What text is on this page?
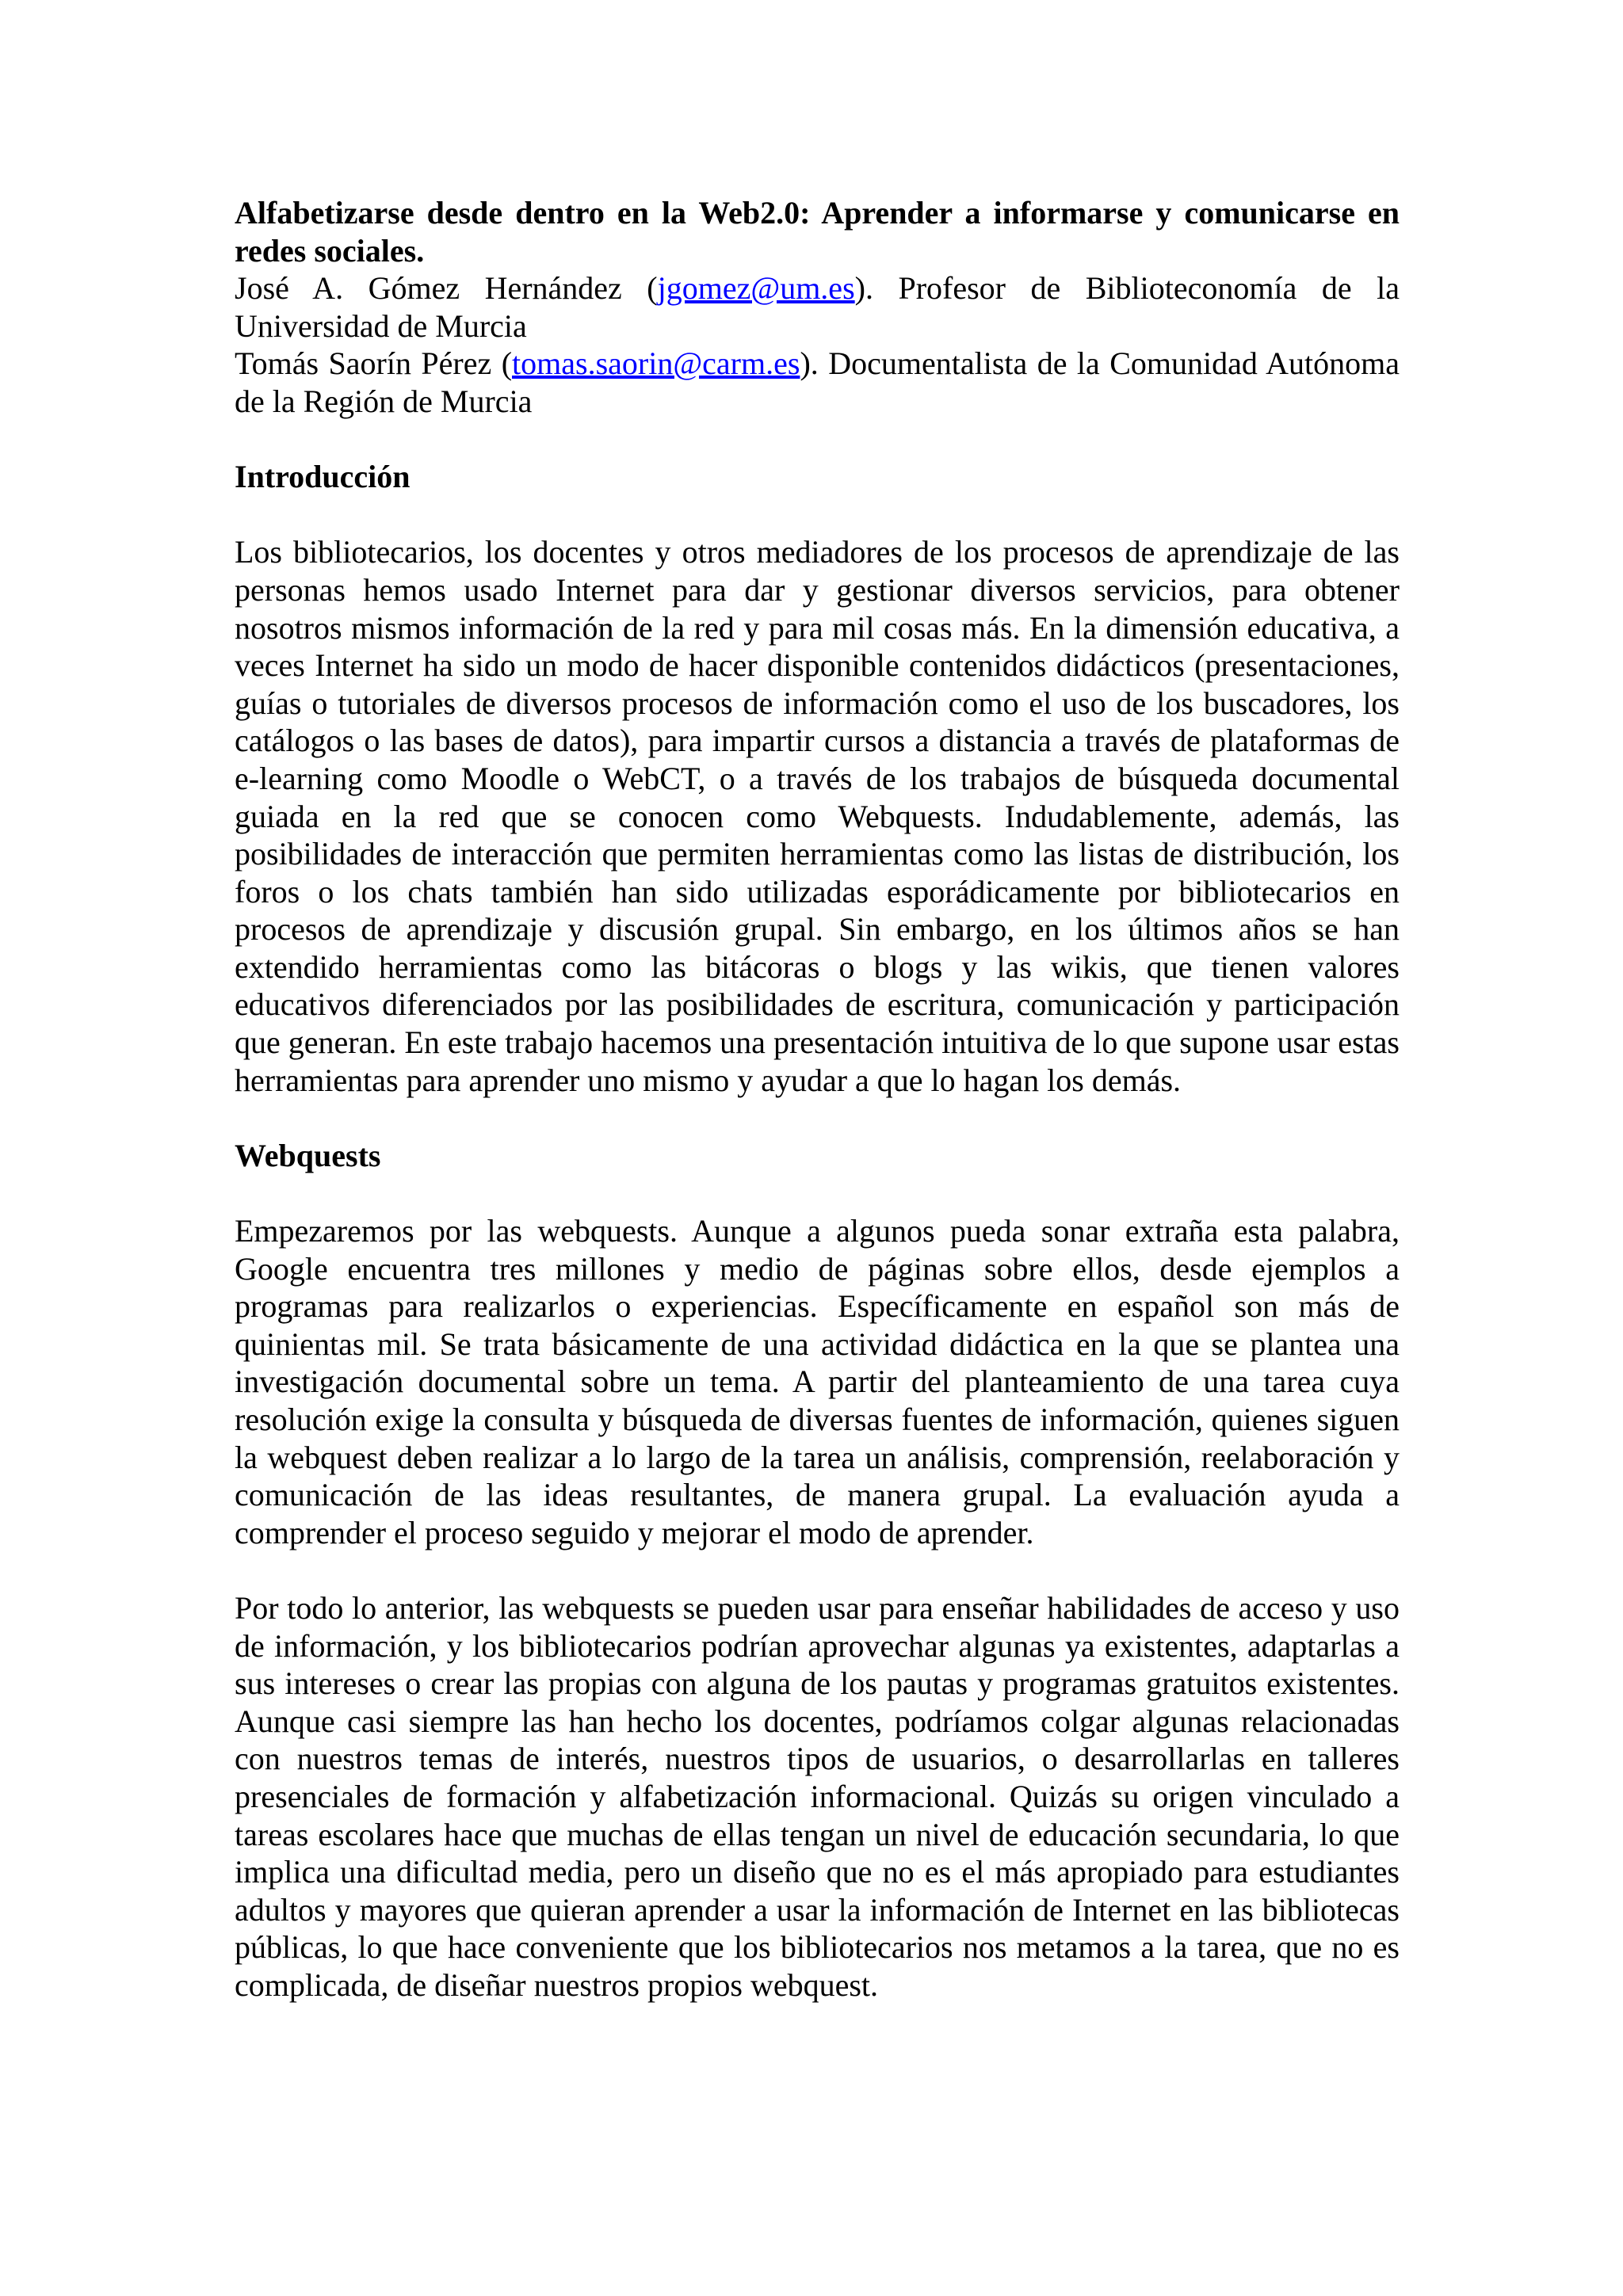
Alfabetizarse desde dentro en la Web2.0: Aprender a informarse y comunicarse en redes sociales.

José A. Gómez Hernández (jgomez@um.es). Profesor de Biblioteconomía de la Universidad de Murcia

Tomás Saorín Pérez (tomas.saorin@carm.es). Documentalista de la Comunidad Autónoma de la Región de Murcia

Introducción

Los bibliotecarios, los docentes y otros mediadores de los procesos de aprendizaje de las personas hemos usado Internet para dar y gestionar diversos servicios, para obtener nosotros mismos información de la red y para mil cosas más. En la dimensión educativa, a veces Internet ha sido un modo de hacer disponible contenidos didácticos (presentaciones, guías o tutoriales de diversos procesos de información como el uso de los buscadores, los catálogos o las bases de datos), para impartir cursos a distancia a través de plataformas de e-learning como Moodle o WebCT, o a través de los trabajos de búsqueda documental guiada en la red que se conocen como Webquests. Indudablemente, además, las posibilidades de interacción que permiten herramientas como las listas de distribución, los foros o los chats también han sido utilizadas esporádicamente por bibliotecarios en procesos de aprendizaje y discusión grupal. Sin embargo, en los últimos años se han extendido herramientas como las bitácoras o blogs y las wikis, que tienen valores educativos diferenciados por las posibilidades de escritura, comunicación y participación que generan. En este trabajo hacemos una presentación intuitiva de lo que supone usar estas herramientas para aprender uno mismo y ayudar a que lo hagan los demás.

Webquests

Empezaremos por las webquests. Aunque a algunos pueda sonar extraña esta palabra, Google encuentra tres millones y medio de páginas sobre ellos, desde ejemplos a programas para realizarlos o experiencias. Específicamente en español son más de quinientas mil. Se trata básicamente de una actividad didáctica en la que se plantea una investigación documental sobre un tema. A partir del planteamiento de una tarea cuya resolución exige la consulta y búsqueda de diversas fuentes de información, quienes siguen la webquest deben realizar a lo largo de la tarea un análisis, comprensión, reelaboración y comunicación de las ideas resultantes, de manera grupal. La evaluación ayuda a comprender el proceso seguido y mejorar el modo de aprender.

Por todo lo anterior, las webquests se pueden usar para enseñar habilidades de acceso y uso de información, y los bibliotecarios podrían aprovechar algunas ya existentes, adaptarlas a sus intereses o crear las propias con alguna de los pautas y programas gratuitos existentes. Aunque casi siempre las han hecho los docentes, podríamos colgar algunas relacionadas con nuestros temas de interés, nuestros tipos de usuarios, o desarrollarlas en talleres presenciales de formación y alfabetización informacional. Quizás su origen vinculado a tareas escolares hace que muchas de ellas tengan un nivel de educación secundaria, lo que implica una dificultad media, pero un diseño que no es el más apropiado para estudiantes adultos y mayores que quieran aprender a usar la información de Internet en las bibliotecas públicas, lo que hace conveniente que los bibliotecarios nos metamos a la tarea, que no es complicada, de diseñar nuestros propios webquest.
